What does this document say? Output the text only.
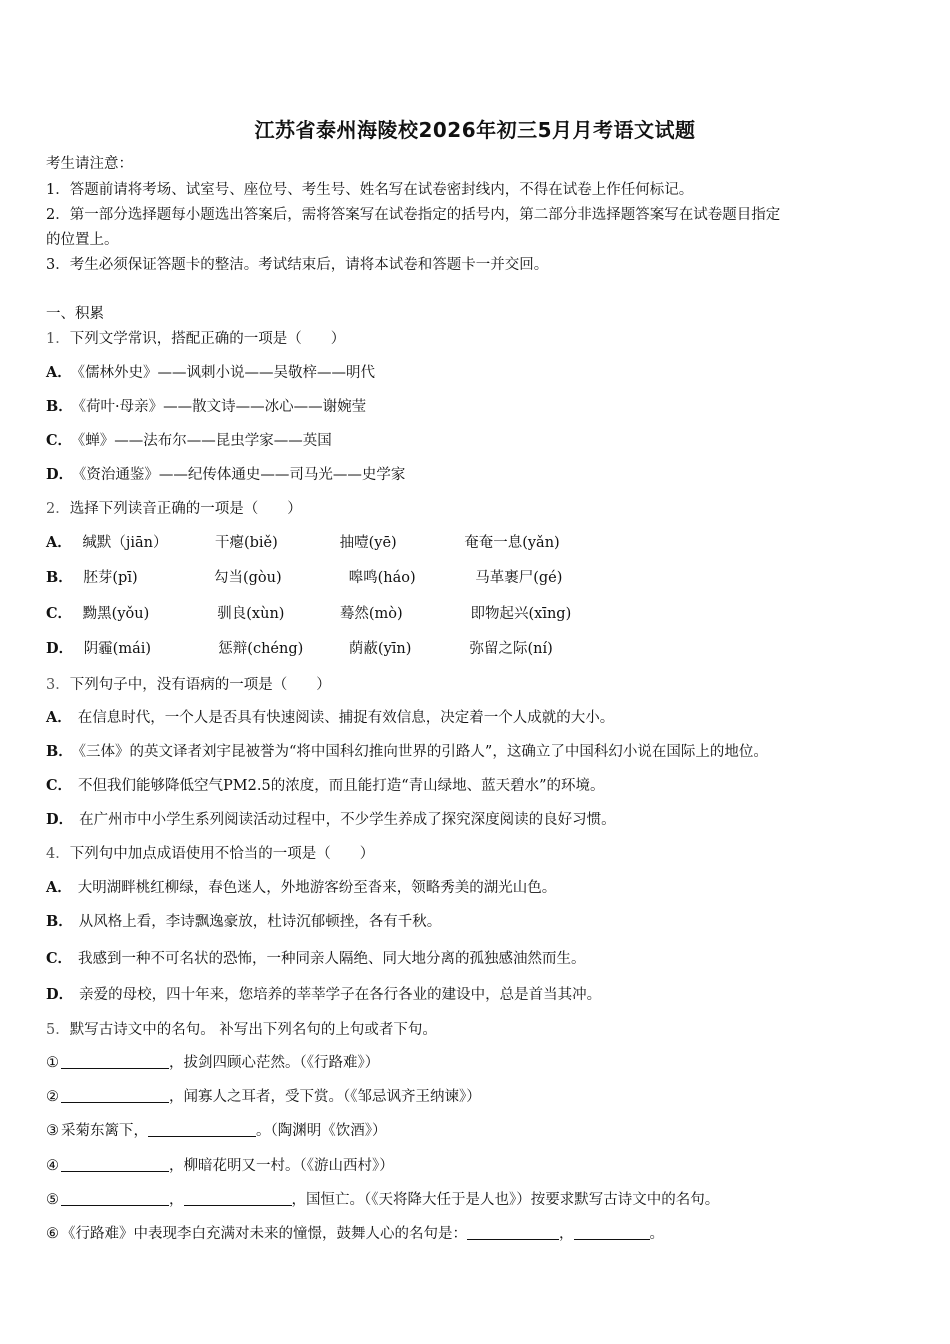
江苏省泰州海陵校2026年初三5月月考语文试题
考生请注意：
1．答题前请将考场、试室号、座位号、考生号、姓名写在试卷密封线内，不得在试卷上作任何标记。
2．第一部分选择题每小题选出答案后，需将答案写在试卷指定的括号内，第二部分非选择题答案写在试卷题目指定
的位置上。
3．考生必须保证答题卡的整洁。考试结束后，请将本试卷和答题卡一并交回。
一、积累
1．下列文学常识，搭配正确的一项是（　　）
A． 《儒林外史》——讽刺小说——吴敬梓——明代
B． 《荷叶·母亲》——散文诗——冰心——谢婉莹
C． 《蝉》——法布尔——昆虫学家——英国
D． 《资治通鉴》——纪传体通史——司马光——史学家
2．选择下列读音正确的一项是（　　）
A． 缄默（jiān）	干瘪(biě)	抽噎(yē)	奄奄一息(yǎn)
B． 胚芽(pī)	勾当(gòu)	嗥鸣(háo)	马革裹尸(gé)
C． 黝黑(yǒu)	驯良(xùn)	蓦然(mò)	即物起兴(xīng)
D． 阴霾(mái)	惩辩(chéng)	荫蔽(yīn)	弥留之际(ní)
3．下列句子中，没有语病的一项是（　　）
A． 在信息时代，一个人是否具有快速阅读、捕捉有效信息，决定着一个人成就的大小。
B． 《三体》的英文译者刘宇昆被誉为“将中国科幻推向世界的引路人”，这确立了中国科幻小说在国际上的地位。
C． 不但我们能够降低空气PM2.5的浓度，而且能打造“青山绿地、蓝天碧水”的环境。
D． 在广州市中小学生系列阅读活动过程中，不少学生养成了探究深度阅读的良好习惯。
4．下列句中加点成语使用不恰当的一项是（　　）
A． 大明湖畔桃红柳绿，春色迷人，外地游客纷至沓来，领略秀美的湖光山色。
B． 从风格上看，李诗飘逸豪放，杜诗沉郁顿挫，各有千秋。
C． 我感到一种不可名状的恐怖，一种同亲人隔绝、同大地分离的孤独感油然而生。
D． 亲爱的母校，四十年来，您培养的莘莘学子在各行各业的建设中，总是首当其冲。
5．默写古诗文中的名句。 补写出下列名句的上句或者下句。
①	，拔剑四顾心茫然。（《行路难》）
②	，闻寡人之耳者，受下赏。（《邹忌讽齐王纳谏》）
③ 采菊东篱下，	。（陶渊明《饮酒》）
④	，柳暗花明又一村。（《游山西村》）
⑤	，	，国恒亡。（《天将降大任于是人也》）按要求默写古诗文中的名句。
⑥ 《行路难》中表现李白充满对未来的憧憬，鼓舞人心的名句是：	，	。
